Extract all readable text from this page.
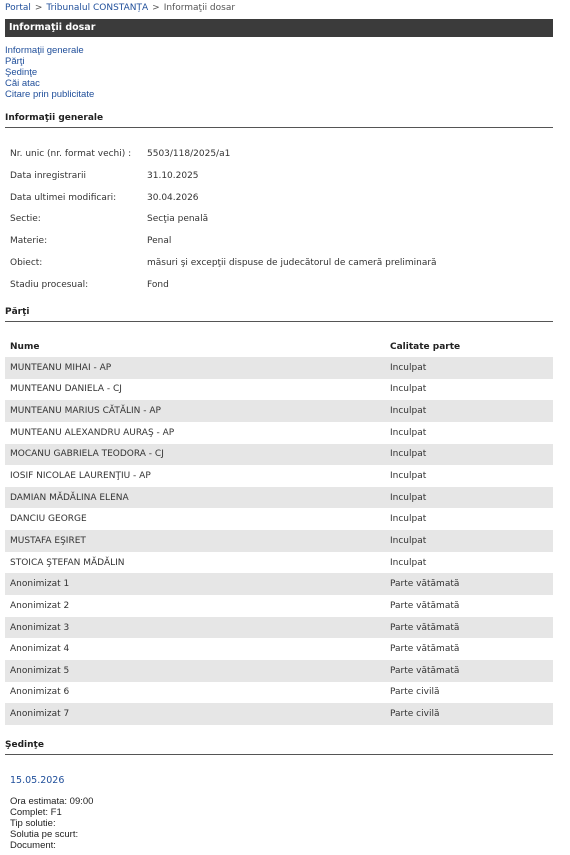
Portal > Tribunalul CONSTANȚA > Informaţii dosar
Informaţii dosar
Informaţii generale
Părţi
Şedinţe
Căi atac
Citare prin publicitate
Informaţii generale
Nr. unic (nr. format vechi) : 5503/118/2025/a1
Data inregistrarii	31.10.2025
Data ultimei modificari:	30.04.2026
Sectie:	Secţia penală
Materie:	Penal
Obiect:	măsuri şi excepţii dispuse de judecătorul de cameră preliminară
Stadiu procesual:	Fond
Părţi
Nume	Calitate parte
MUNTEANU MIHAI - AP	Inculpat
MUNTEANU DANIELA - CJ	Inculpat
MUNTEANU MARIUS CĂTĂLIN - AP	Inculpat
MUNTEANU ALEXANDRU AURAŞ - AP	Inculpat
MOCANU GABRIELA TEODORA - CJ	Inculpat
IOSIF NICOLAE LAURENŢIU - AP	Inculpat
DAMIAN MĂDĂLINA ELENA	Inculpat
DANCIU GEORGE	Inculpat
MUSTAFA EŞIRET	Inculpat
STOICA ŞTEFAN MĂDĂLIN	Inculpat
Anonimizat 1	Parte vătămată
Anonimizat 2	Parte vătămată
Anonimizat 3	Parte vătămată
Anonimizat 4	Parte vătămată
Anonimizat 5	Parte vătămată
Anonimizat 6	Parte civilă
Anonimizat 7	Parte civilă
Şedinţe
15.05.2026
Ora estimata: 09:00
Complet: F1
Tip solutie:
Solutia pe scurt:
Document:
